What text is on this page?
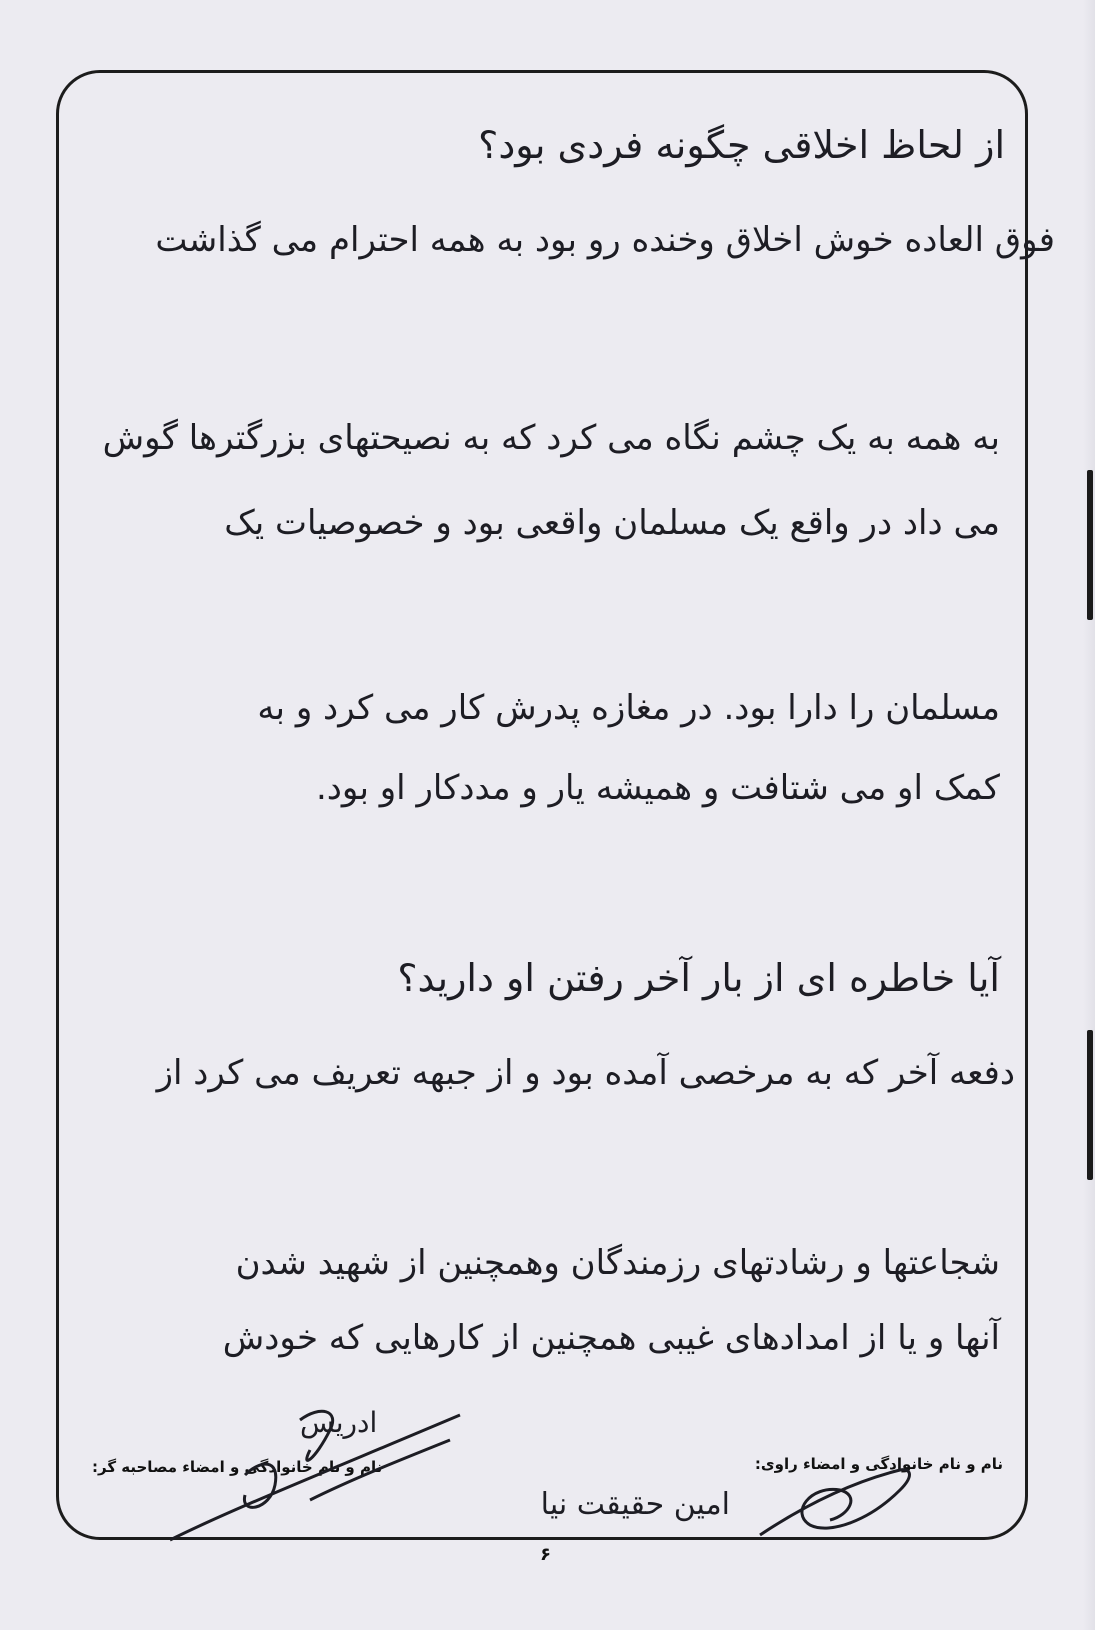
از لحاظ اخلاقی چگونه فردی بود؟
فوق العاده خوش اخلاق وخنده رو بود به همه احترام می گذاشت
به همه به یک چشم نگاه می کرد که به نصیحتهای بزرگترها گوش
می داد در واقع یک مسلمان واقعی بود و خصوصیات یک
مسلمان را دارا بود. در مغازه پدرش کار می کرد و به
کمک او می شتافت و همیشه یار و مددکار او بود.
آیا خاطره ای از بار آخر رفتن او دارید؟
دفعه آخر که به مرخصی آمده بود و از جبهه تعریف می کرد از
شجاعتها و رشادتهای رزمندگان وهمچنین از شهید شدن
آنها و یا از امدادهای غیبی همچنین از کارهایی که خودش
نام و نام خانوادگی و امضاء راوی:
نام و نام خانوادگی و امضاء مصاحبه گر:
امین حقیقت نیا
ادریس
۶
